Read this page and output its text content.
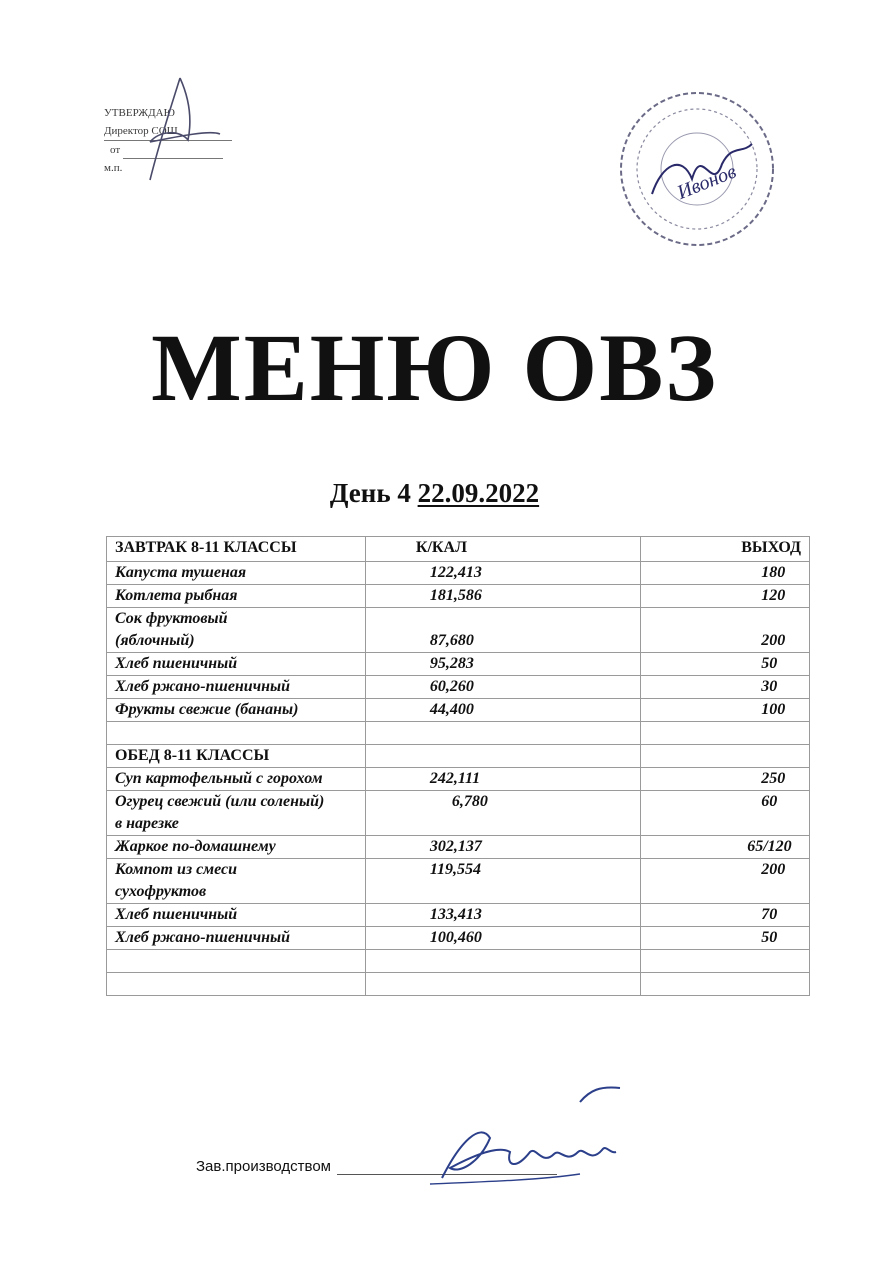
УТВЕРЖДАЮ
Директор СОШ
от
м.п.	Ивонов
МЕНЮ ОВЗ
День 4 22.09.2022
ЗАВТРАК 8-11 КЛАССЫ	К/КАЛ	ВЫХОД
Капуста тушеная	122,413	180
Котлета рыбная	181,586	120
Сок фруктовый (яблочный)	87,680	200
Хлеб пшеничный	95,283	50
Хлеб ржано-пшеничный	60,260	30
Фрукты свежие (бананы)	44,400	100

ОБЕД 8-11 КЛАССЫ		
Суп картофельный с горохом	242,111	250
Огурец свежий (или соленый) в нарезке	6,780	60
Жаркое по-домашнему	302,137	65/120
Компот из смеси сухофруктов	119,554	200
Хлеб пшеничный	133,413	70
Хлеб ржано-пшеничный	100,460	50

Зав.производством
